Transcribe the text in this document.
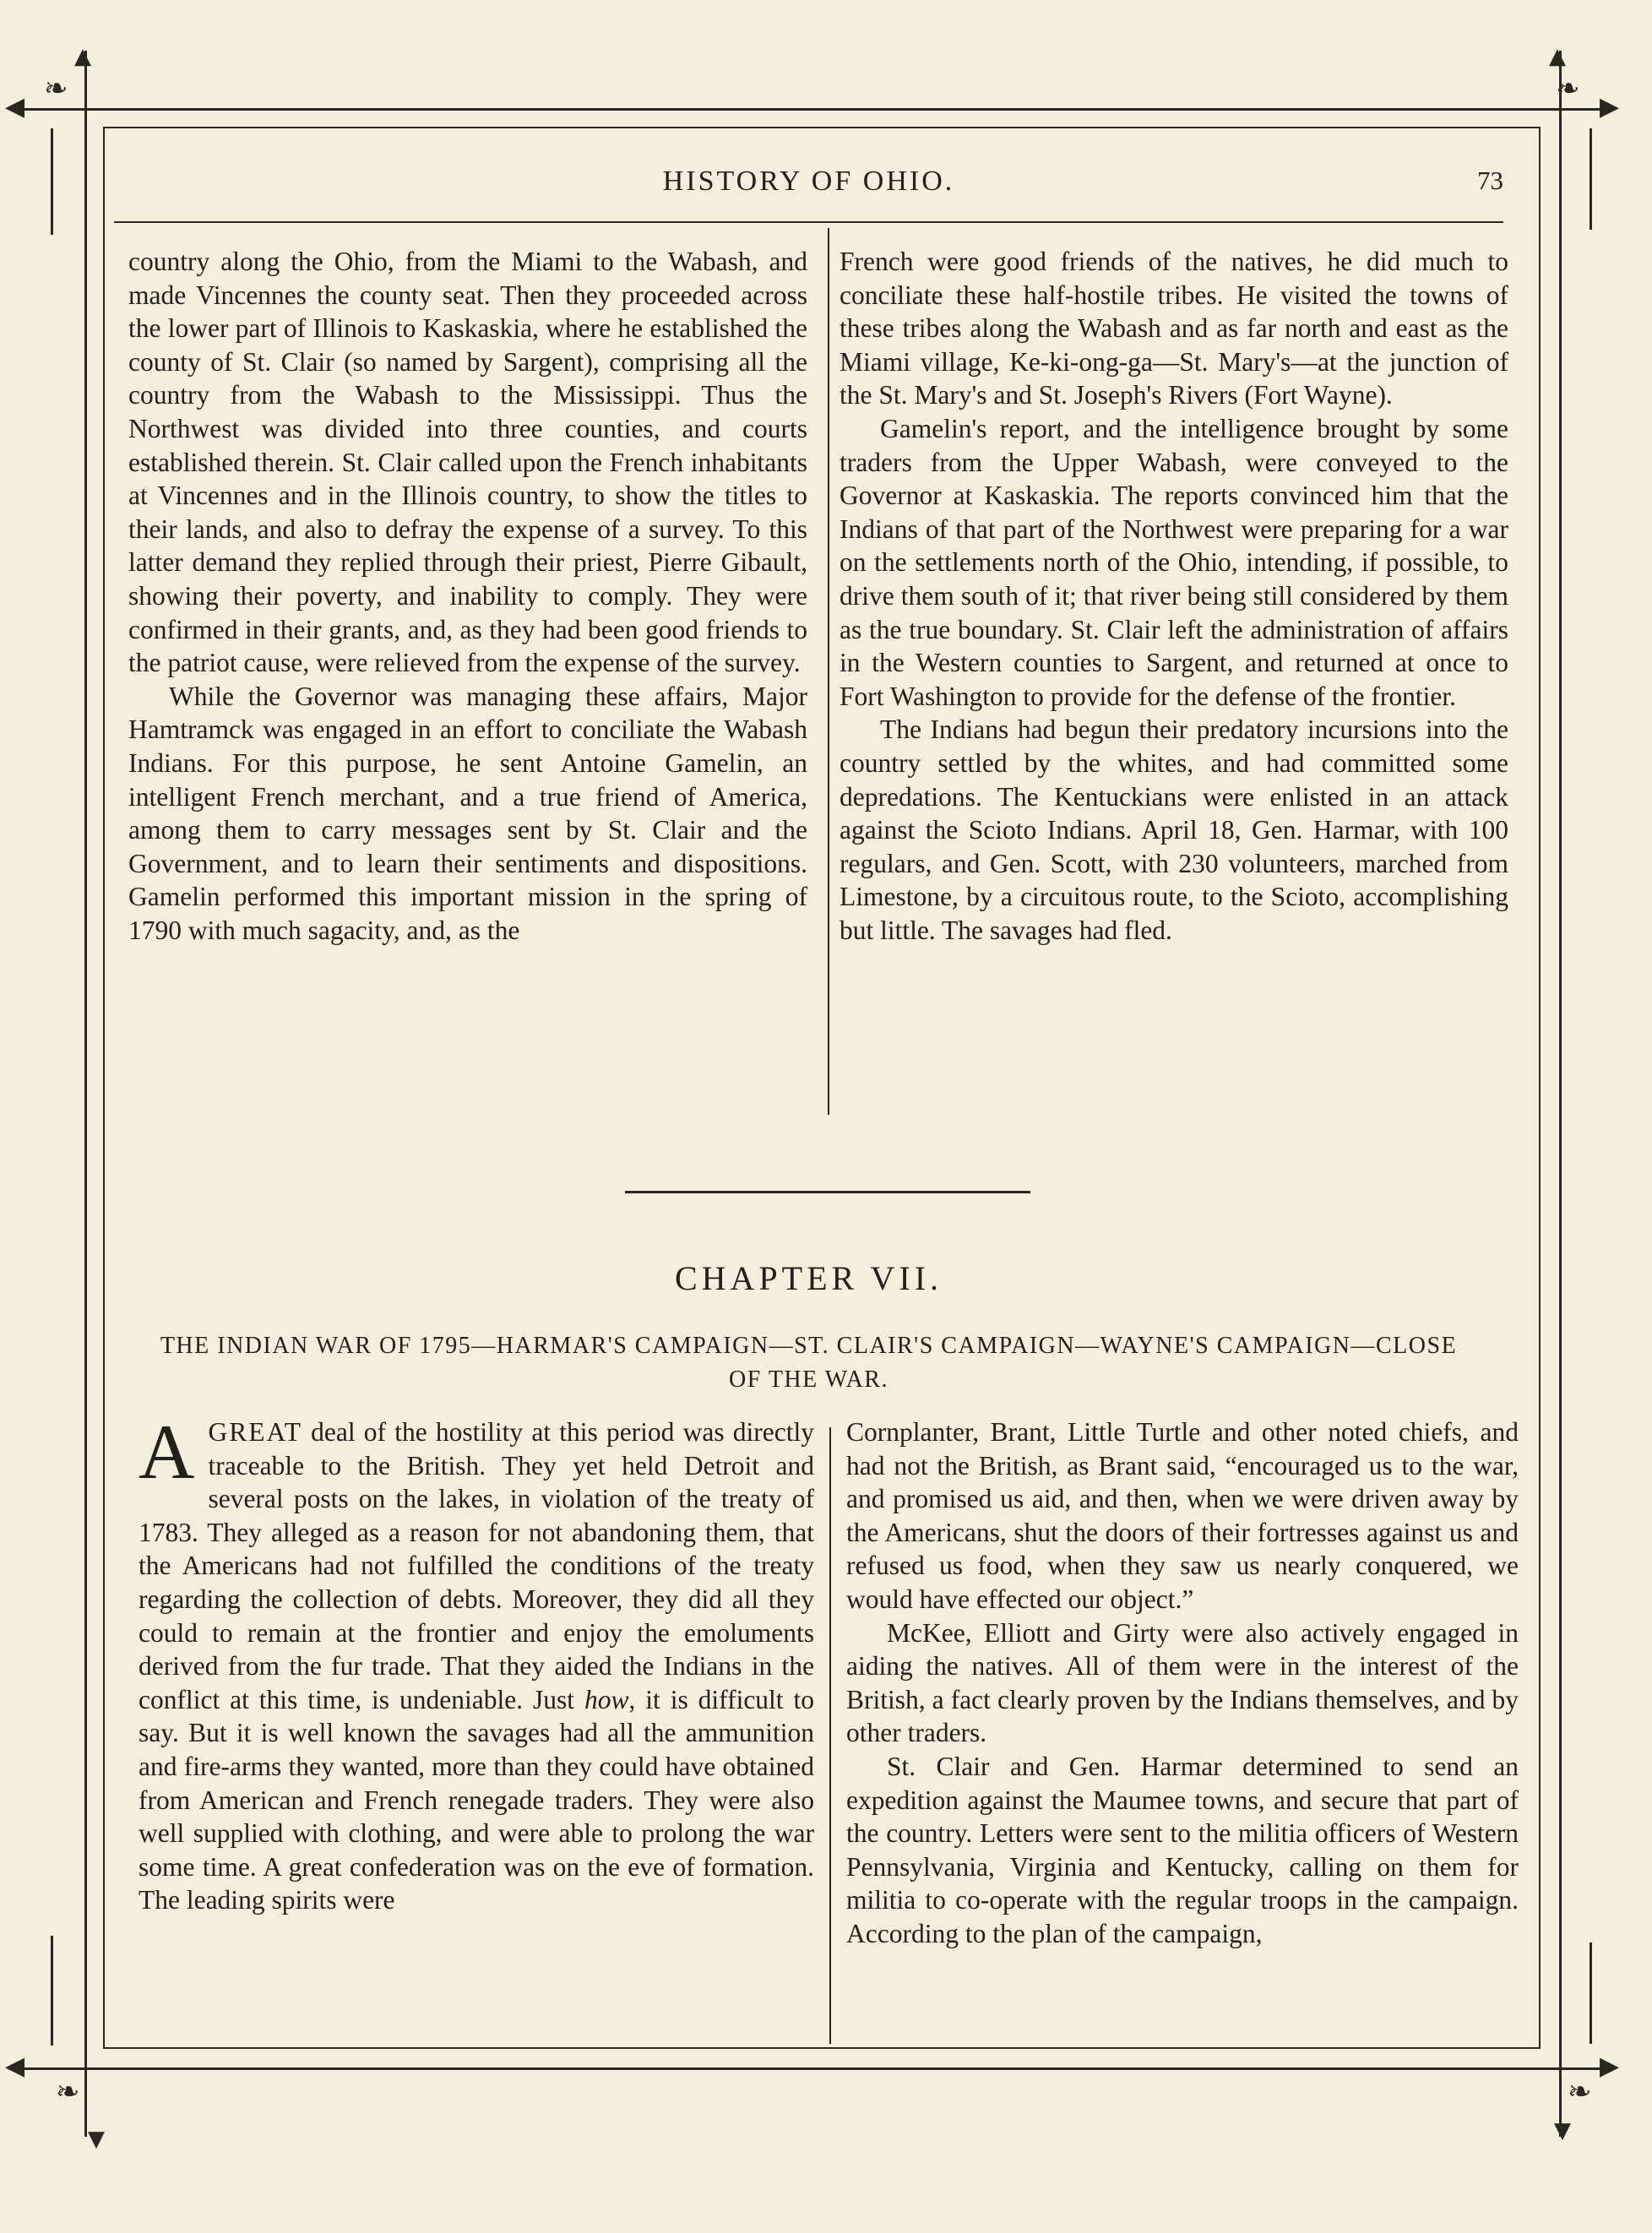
❧	❧
❧	❧
◀	▶
◀	▶
▲	▲
▼	▼
HISTORY OF OHIO.	73

country along the Ohio, from the Miami to the Wabash, and made Vincennes the county seat. Then they proceeded across the lower part of Illinois to Kaskaskia, where he established the county of St. Clair (so named by Sargent), comprising all the country from the Wabash to the Mississippi. Thus the Northwest was divided into three counties, and courts established therein. St. Clair called upon the French inhabitants at Vincennes and in the Illinois country, to show the titles to their lands, and also to defray the expense of a survey. To this latter demand they replied through their priest, Pierre Gibault, showing their poverty, and inability to comply. They were confirmed in their grants, and, as they had been good friends to the patriot cause, were relieved from the expense of the survey.

While the Governor was managing these affairs, Major Hamtramck was engaged in an effort to conciliate the Wabash Indians. For this purpose, he sent Antoine Gamelin, an intelligent French merchant, and a true friend of America, among them to carry messages sent by St. Clair and the Government, and to learn their sentiments and dispositions. Gamelin performed this important mission in the spring of 1790 with much sagacity, and, as the

French were good friends of the natives, he did much to conciliate these half-hostile tribes. He visited the towns of these tribes along the Wabash and as far north and east as the Miami village, Ke-ki-ong-ga—St. Mary's—at the junction of the St. Mary's and St. Joseph's Rivers (Fort Wayne).

Gamelin's report, and the intelligence brought by some traders from the Upper Wabash, were conveyed to the Governor at Kaskaskia. The reports convinced him that the Indians of that part of the Northwest were preparing for a war on the settlements north of the Ohio, intending, if possible, to drive them south of it; that river being still considered by them as the true boundary. St. Clair left the administration of affairs in the Western counties to Sargent, and returned at once to Fort Washington to provide for the defense of the frontier.

The Indians had begun their predatory incursions into the country settled by the whites, and had committed some depredations. The Kentuckians were enlisted in an attack against the Scioto Indians. April 18, Gen. Harmar, with 100 regulars, and Gen. Scott, with 230 volunteers, marched from Limestone, by a circuitous route, to the Scioto, accomplishing but little. The savages had fled.

CHAPTER VII.
THE INDIAN WAR OF 1795—HARMAR'S CAMPAIGN—ST. CLAIR'S CAMPAIGN—WAYNE'S CAMPAIGN—CLOSE OF THE WAR.

AGREAT deal of the hostility at this period was directly traceable to the British. They yet held Detroit and several posts on the lakes, in violation of the treaty of 1783. They alleged as a reason for not abandoning them, that the Americans had not fulfilled the conditions of the treaty regarding the collection of debts. Moreover, they did all they could to remain at the frontier and enjoy the emoluments derived from the fur trade. That they aided the Indians in the conflict at this time, is undeniable. Just how, it is difficult to say. But it is well known the savages had all the ammunition and fire-arms they wanted, more than they could have obtained from American and French renegade traders. They were also well supplied with clothing, and were able to prolong the war some time. A great confederation was on the eve of formation. The leading spirits were

Cornplanter, Brant, Little Turtle and other noted chiefs, and had not the British, as Brant said, “encouraged us to the war, and promised us aid, and then, when we were driven away by the Americans, shut the doors of their fortresses against us and refused us food, when they saw us nearly conquered, we would have effected our object.”

McKee, Elliott and Girty were also actively engaged in aiding the natives. All of them were in the interest of the British, a fact clearly proven by the Indians themselves, and by other traders.

St. Clair and Gen. Harmar determined to send an expedition against the Maumee towns, and secure that part of the country. Letters were sent to the militia officers of Western Pennsylvania, Virginia and Kentucky, calling on them for militia to co-operate with the regular troops in the campaign. According to the plan of the campaign,
